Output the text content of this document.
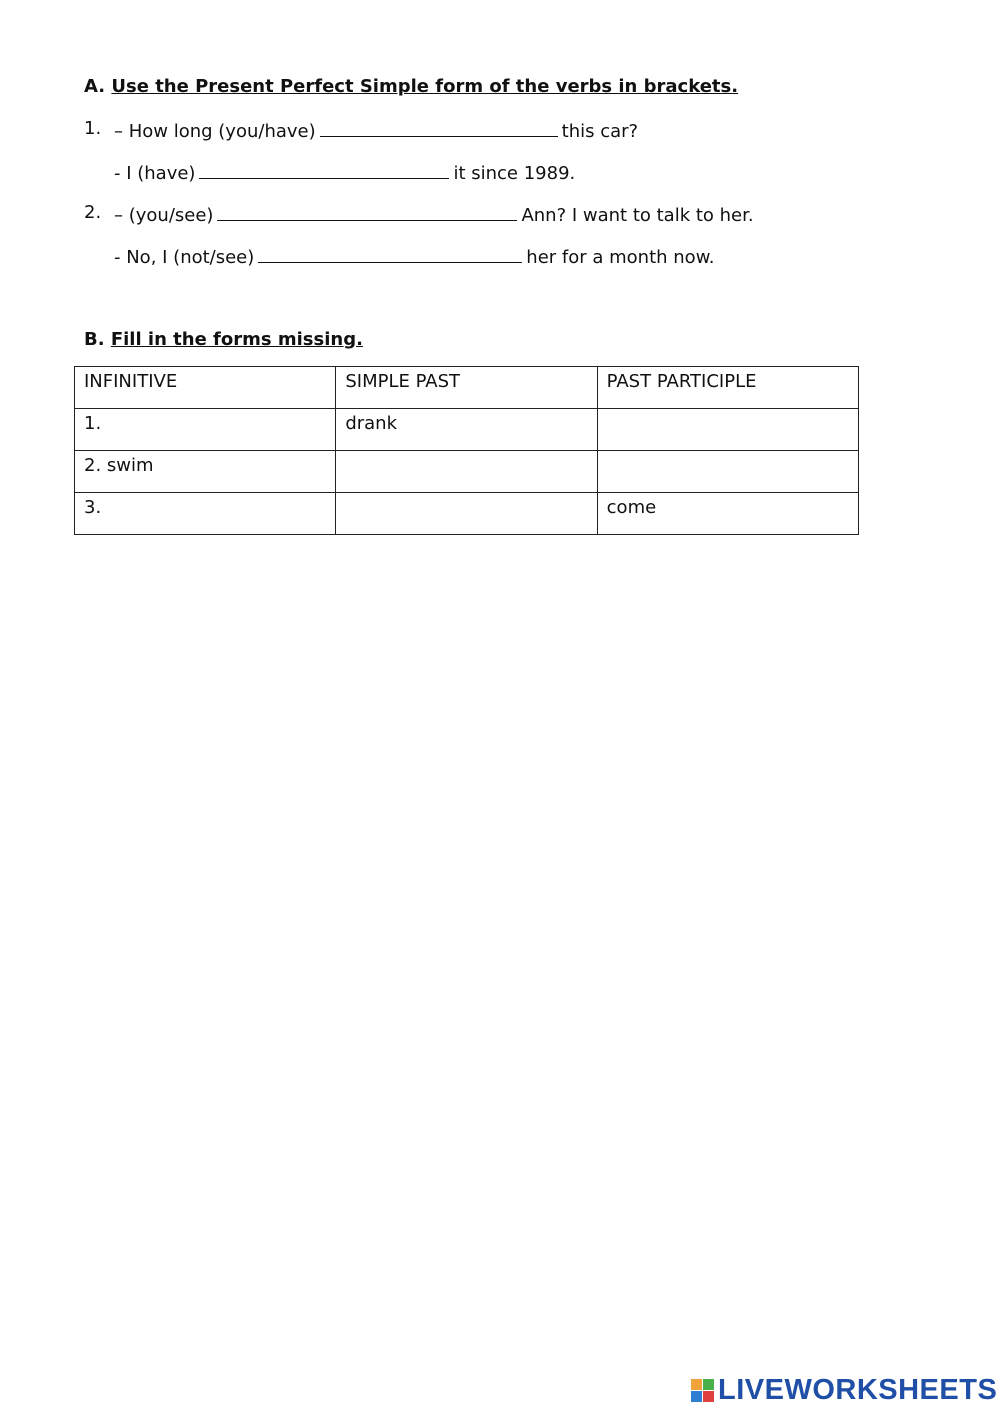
A. Use the Present Perfect Simple form of the verbs in brackets.
1. – How long (you/have)	this car?
- I (have)	it since 1989.
2. – (you/see)	Ann? I want to talk to her.
- No, I (not/see)	her for a month now.
B. Fill in the forms missing.
INFINITIVE	SIMPLE PAST	PAST PARTICIPLE
1.	drank	
2. swim		
3.		come
LIVEWORKSHEETS
